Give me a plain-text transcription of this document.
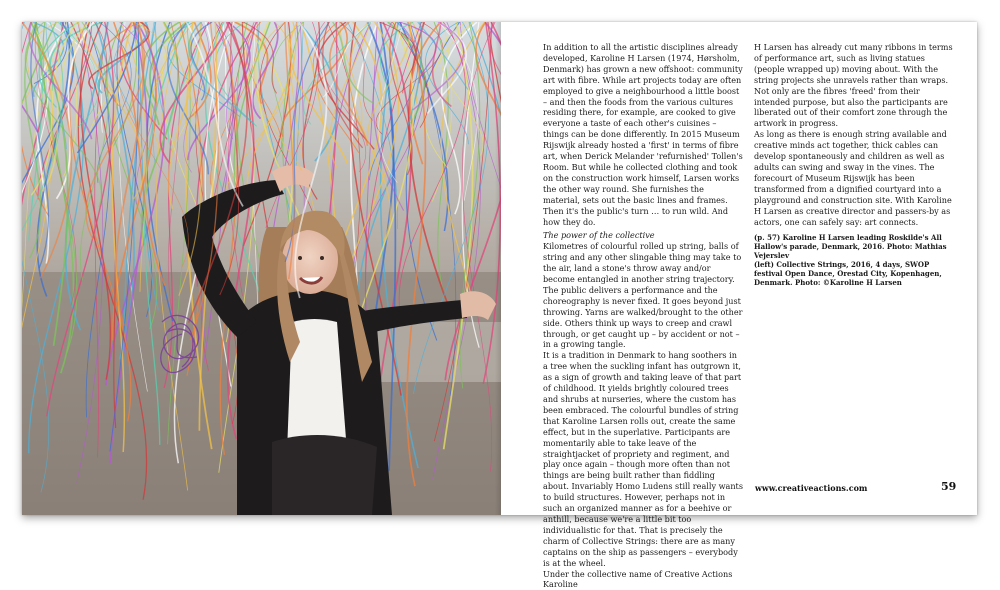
In addition to all the artistic disciplines already developed, Karoline H Larsen (1974, Hørsholm, Denmark) has grown a new offshoot: community art with fibre. While art projects today are often employed to give a neighbourhood a little boost – and then the foods from the various cultures residing there, for example, are cooked to give everyone a taste of each other's cuisines – things can be done differently. In 2015 Museum Rijswijk already hosted a 'first' in terms of fibre art, when Derick Melander 'refurnished' Tollen's Room. But while he collected clothing and took on the construction work himself, Larsen works the other way round. She furnishes the material, sets out the basic lines and frames. Then it's the public's turn … to run wild. And how they do.

The power of the collective

Kilometres of colourful rolled up string, balls of string and any other slingable thing may take to the air, land a stone's throw away and/or become entangled in another string trajectory. The public delivers a performance and the choreography is never fixed. It goes beyond just throwing. Yarns are walked/brought to the other side. Others think up ways to creep and crawl through, or get caught up – by accident or not – in a growing tangle.

It is a tradition in Denmark to hang soothers in a tree when the suckling infant has outgrown it, as a sign of growth and taking leave of that part of childhood. It yields brightly coloured trees and shrubs at nurseries, where the custom has been embraced. The colourful bundles of string that Karoline Larsen rolls out, create the same effect, but in the superlative. Participants are momentarily able to take leave of the straightjacket of propriety and regiment, and play once again – though more often than not things are being built rather than fiddling about. Invariably Homo Ludens still really wants to build structures. However, perhaps not in such an organized manner as for a beehive or anthill, because we're a little bit too individualistic for that. That is precisely the charm of Collective Strings: there are as many captains on the ship as passengers – everybody is at the wheel.

Under the collective name of Creative Actions Karoline

H Larsen has already cut many ribbons in terms of performance art, such as living statues (people wrapped up) moving about. With the string projects she unravels rather than wraps. Not only are the fibres 'freed' from their intended purpose, but also the participants are liberated out of their comfort zone through the artwork in progress.

As long as there is enough string available and creative minds act together, thick cables can develop spontaneously and children as well as adults can swing and sway in the vines. The forecourt of Museum Rijswijk has been transformed from a dignified courtyard into a playground and construction site. With Karoline H Larsen as creative director and passers-by as actors, one can safely say: art connects.

(p. 57) Karoline H Larsen leading Roskilde's All Hallow's parade, Denmark, 2016. Photo: Mathias Vejerslev

(left) Collective Strings, 2016, 4 days, SWOP festival Open Dance, Orestad City, Kopenhagen, Denmark. Photo: ©Karoline H Larsen

www.creativeactions.com	59
